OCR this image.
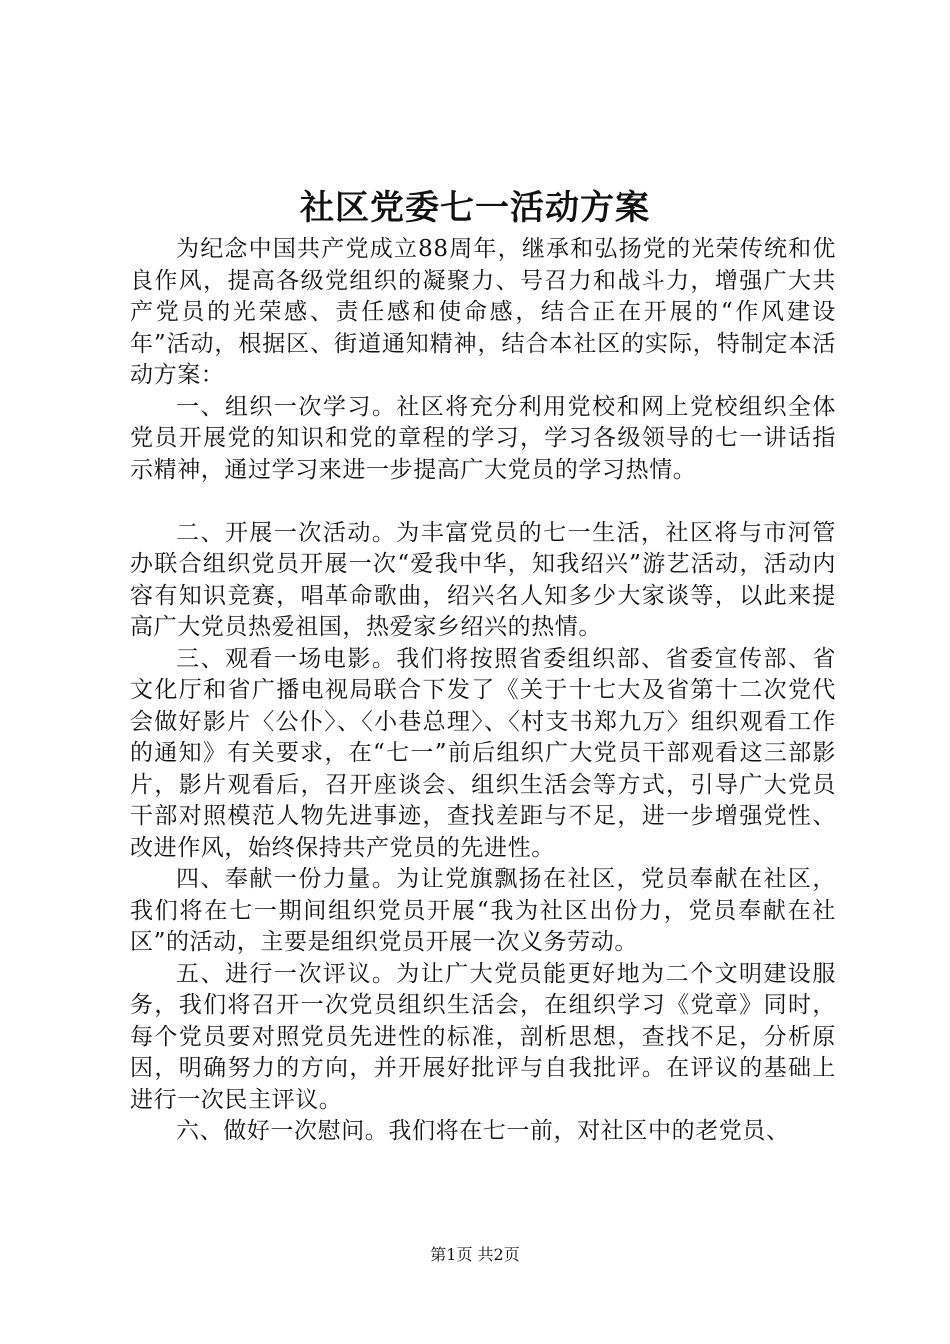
社区党委七一活动方案

为纪念中国共产党成立88周年，继承和弘扬党的光荣传统和优良作风，提高各级党组织的凝聚力、号召力和战斗力，增强广大共产党员的光荣感、责任感和使命感，结合正在开展的“作风建设年”活动，根据区、街道通知精神，结合本社区的实际，特制定本活动方案：

一、组织一次学习。社区将充分利用党校和网上党校组织全体党员开展党的知识和党的章程的学习，学习各级领导的七一讲话指示精神，通过学习来进一步提高广大党员的学习热情。

二、开展一次活动。为丰富党员的七一生活，社区将与市河管办联合组织党员开展一次“爱我中华，知我绍兴”游艺活动，活动内容有知识竞赛，唱革命歌曲，绍兴名人知多少大家谈等，以此来提高广大党员热爱祖国，热爱家乡绍兴的热情。

三、观看一场电影。我们将按照省委组织部、省委宣传部、省文化厅和省广播电视局联合下发了《关于十七大及省第十二次党代会做好影片〈公仆〉、〈小巷总理〉、〈村支书郑九万〉组织观看工作的通知》有关要求，在“七一”前后组织广大党员干部观看这三部影片，影片观看后，召开座谈会、组织生活会等方式，引导广大党员干部对照模范人物先进事迹，查找差距与不足，进一步增强党性、改进作风，始终保持共产党员的先进性。

四、奉献一份力量。为让党旗飘扬在社区，党员奉献在社区，我们将在七一期间组织党员开展“我为社区出份力，党员奉献在社区”的活动，主要是组织党员开展一次义务劳动。

五、进行一次评议。为让广大党员能更好地为二个文明建设服务，我们将召开一次党员组织生活会，在组织学习《党章》同时，每个党员要对照党员先进性的标准，剖析思想，查找不足，分析原因，明确努力的方向，并开展好批评与自我批评。在评议的基础上进行一次民主评议。

六、做好一次慰问。我们将在七一前，对社区中的老党员、

第1页 共2页
